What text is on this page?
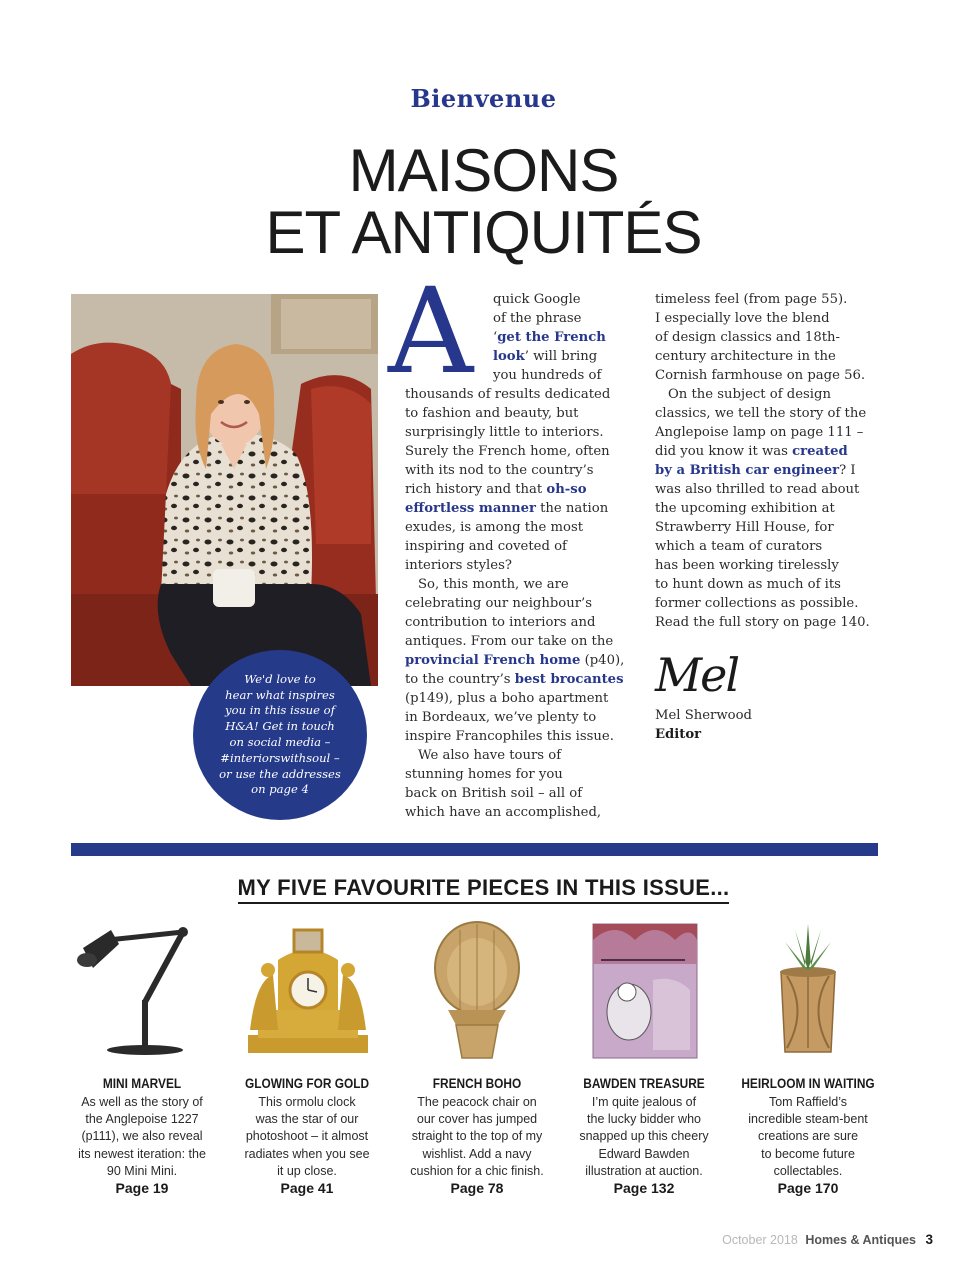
Bienvenue
MAISONS
ET ANTIQUITÉS
We'd love to
hear what inspires
you in this issue of
H&A! Get in touch
on social media –
#interiorswithsoul –
or use the addresses
on page 4
A	quick Google
of the phrase
‘get the French
look’ will bring
you hundreds of
thousands of results dedicated
to fashion and beauty, but
surprisingly little to interiors.
Surely the French home, often
with its nod to the country’s
rich history and that oh-so
effortless manner the nation
exudes, is among the most
inspiring and coveted of
interiors styles?
So, this month, we are
celebrating our neighbour’s
contribution to interiors and
antiques. From our take on the
provincial French home (p40),
to the country’s best brocantes
(p149), plus a boho apartment
in Bordeaux, we’ve plenty to
inspire Francophiles this issue.
We also have tours of
stunning homes for you
back on British soil – all of
which have an accomplished,
timeless feel (from page 55).
I especially love the blend
of design classics and 18th-
century architecture in the
Cornish farmhouse on page 56.
On the subject of design
classics, we tell the story of the
Anglepoise lamp on page 111 –
did you know it was created
by a British car engineer? I
was also thrilled to read about
the upcoming exhibition at
Strawberry Hill House, for
which a team of curators
has been working tirelessly
to hunt down as much of its
former collections as possible.
Read the full story on page 140.
Mel
Mel Sherwood
Editor
MY FIVE FAVOURITE PIECES IN THIS ISSUE...
MINI MARVEL
As well as the story of
the Anglepoise 1227
(p111), we also reveal
its newest iteration: the
90 Mini Mini.
Page 19
GLOWING FOR GOLD
This ormolu clock
was the star of our
photoshoot – it almost
radiates when you see
it up close.
Page 41
FRENCH BOHO
The peacock chair on
our cover has jumped
straight to the top of my
wishlist. Add a navy
cushion for a chic finish.
Page 78
BAWDEN TREASURE
I’m quite jealous of
the lucky bidder who
snapped up this cheery
Edward Bawden
illustration at auction.
Page 132
HEIRLOOM IN WAITING
Tom Raffield’s
incredible steam-bent
creations are sure
to become future
collectables.
Page 170
October 2018 Homes & Antiques 3
